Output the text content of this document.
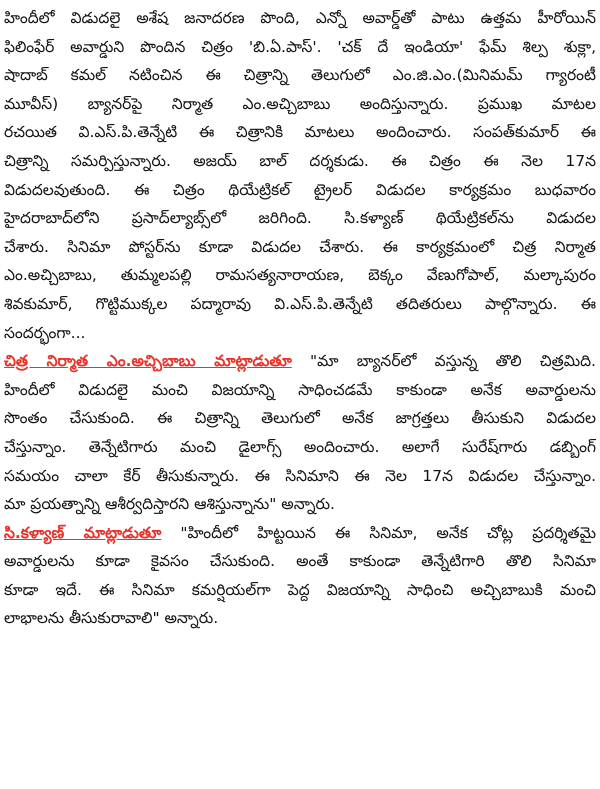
హిందీలో విడుదలై అశేష జనాదరణ పొంది, ఎన్నో అవార్డ్‌తో పాటు ఉత్తమ హీరోయిన్
ఫిలింఫేర్ అవార్డుని పొందిన చిత్రం 'బి.ఏ.పాస్'. 'చక్ దే ఇండియా' ఫేమ్ శిల్ప శుక్లా,
షాదాబ్ కమల్ నటించిన ఈ చిత్రాన్ని తెలుగులో ఎం.జి.ఎం.(మినిమమ్ గ్యారంటీ
మూవీస్) బ్యానర్‌పై నిర్మాత ఎం.అచ్చిబాబు అందిస్తున్నారు. ప్రముఖ మాటల
రచయిత వి.ఎస్.పి.తెన్నేటి ఈ చిత్రానికి మాటలు అందించారు. సంపత్‌కుమార్ ఈ
చిత్రాన్ని సమర్పిస్తున్నారు. అజయ్ బాల్ దర్శకుడు. ఈ చిత్రం ఈ నెల 17న
విడుదలవుతుంది. ఈ చిత్రం థియేట్రికల్ ట్రైలర్ విడుదల కార్యక్రమం బుధవారం
హైదరాబాద్‌లోని ప్రసాద్‌ల్యాబ్స్‌లో జరిగింది. సి.కళ్యాణ్ థియేట్రికల్‌ను విడుదల
చేశారు. సినిమా పోస్టర్‌ను కూడా విడుదల చేశారు. ఈ కార్యక్రమంలో చిత్ర నిర్మాత
ఎం.అచ్చిబాబు, తుమ్మలపల్లి రామసత్యనారాయణ, బెక్కం వేణుగోపాల్, మల్కాపురం
శివకుమార్, గొట్టిముక్కల పద్మారావు వి.ఎస్.పి.తెన్నేటి తదితరులు పాల్గొన్నారు. ఈ
సందర్భంగా...
చిత్ర నిర్మాత ఎం.అచ్చిబాబు మాట్లాడుతూ "మా బ్యానర్‌లో వస్తున్న తొలి చిత్రమిది.
హిందీలో విడుదలై మంచి విజయాన్ని సాధించడమే కాకుండా అనేక అవార్డులను
సొంతం చేసుకుంది. ఈ చిత్రాన్ని తెలుగులో అనేక జాగ్రత్తలు తీసుకుని విడుదల
చేస్తున్నాం. తెన్నేటిగారు మంచి డైలాగ్స్ అందించారు. అలాగే సురేష్‌గారు డబ్బింగ్
సమయం చాలా కేర్ తీసుకున్నారు. ఈ సినిమాని ఈ నెల 17న విడుదల చేస్తున్నాం.
మా ప్రయత్నాన్ని ఆశీర్వదిస్తారని ఆశిస్తున్నాను" అన్నారు.
సి.కళ్యాణ్ మాట్లాడుతూ "హిందీలో హిట్టయిన ఈ సినిమా, అనేక చోట్ల ప్రదర్శితమై
అవార్డులను కూడా కైవసం చేసుకుంది. అంతే కాకుండా తెన్నేటిగారి తొలి సినిమా
కూడా ఇదే. ఈ సినిమా కమర్షియల్‌గా పెద్ద విజయాన్ని సాధించి అచ్చిబాబుకి మంచి
లాభాలను తీసుకురావాలి" అన్నారు.
